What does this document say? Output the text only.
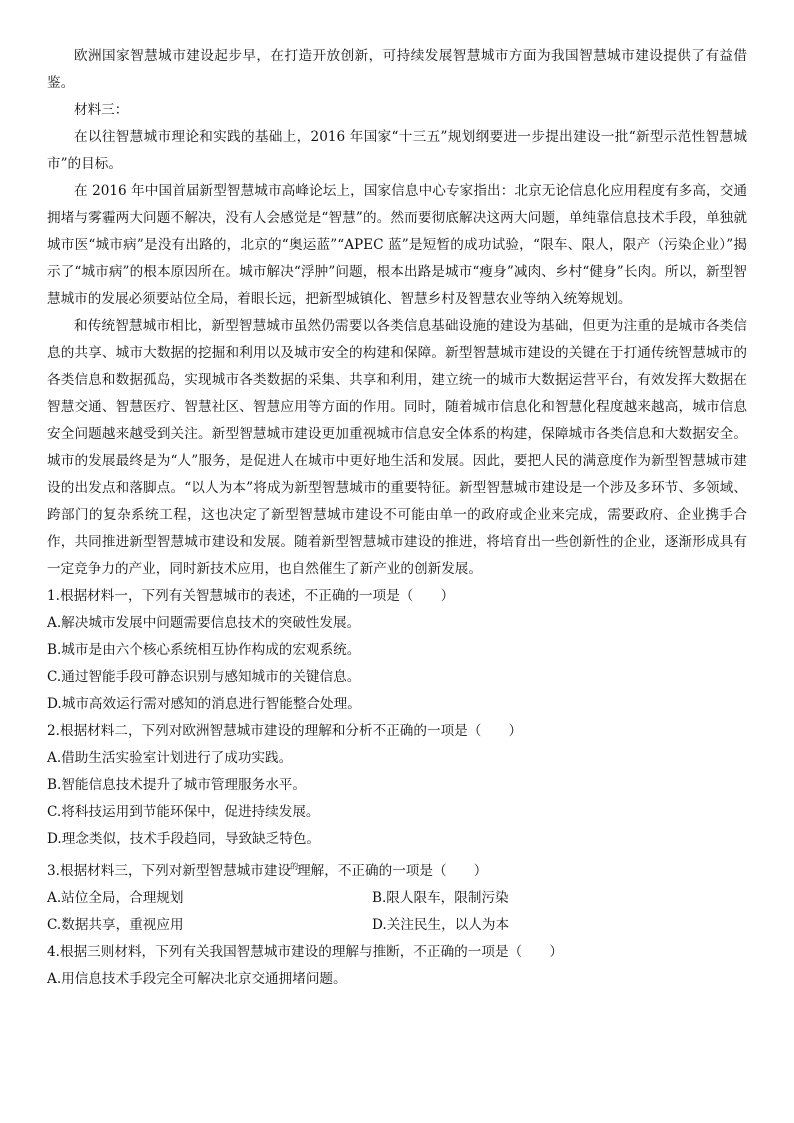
欧洲国家智慧城市建设起步早，在打造开放创新，可持续发展智慧城市方面为我国智慧城市建设提供了有益借鉴。

材料三：

在以往智慧城市理论和实践的基础上，2016 年国家“十三五”规划纲要进一步提出建设一批“新型示范性智慧城市”的目标。

在 2016 年中国首届新型智慧城市高峰论坛上，国家信息中心专家指出：北京无论信息化应用程度有多高，交通拥堵与雾霾两大问题不解决，没有人会感觉是“智慧”的。然而要彻底解决这两大问题，单纯靠信息技术手段，单独就城市医“城市病”是没有出路的，北京的“奥运蓝”“APEC 蓝”是短暂的成功试验，“限车、限人，限产（污染企业）”揭示了“城市病”的根本原因所在。城市解决“浮肿”问题，根本出路是城市“瘦身”减肉、乡村“健身”长肉。所以，新型智慧城市的发展必须要站位全局，着眼长远，把新型城镇化、智慧乡村及智慧农业等纳入统筹规划。

和传统智慧城市相比，新型智慧城市虽然仍需要以各类信息基础设施的建设为基础，但更为注重的是城市各类信息的共享、城市大数据的挖掘和利用以及城市安全的构建和保障。新型智慧城市建设的关键在于打通传统智慧城市的各类信息和数据孤岛，实现城市各类数据的采集、共享和利用，建立统一的城市大数据运营平台，有效发挥大数据在智慧交通、智慧医疗、智慧社区、智慧应用等方面的作用。同时，随着城市信息化和智慧化程度越来越高，城市信息安全问题越来越受到关注。新型智慧城市建设更加重视城市信息安全体系的构建，保障城市各类信息和大数据安全。城市的发展最终是为“人”服务，是促进人在城市中更好地生活和发展。因此，要把人民的满意度作为新型智慧城市建设的出发点和落脚点。“以人为本”将成为新型智慧城市的重要特征。新型智慧城市建设是一个涉及多环节、多领域、跨部门的复杂系统工程，这也决定了新型智慧城市建设不可能由单一的政府或企业来完成，需要政府、企业携手合作，共同推进新型智慧城市建设和发展。随着新型智慧城市建设的推进，将培育出一些创新性的企业，逐渐形成具有一定竞争力的产业，同时新技术应用，也自然催生了新产业的创新发展。

1.根据材料一，下列有关智慧城市的表述，不正确的一项是（　　）

A.解决城市发展中问题需要信息技术的突破性发展。

B.城市是由六个核心系统相互协作构成的宏观系统。

C.通过智能手段可静态识别与感知城市的关键信息。

D.城市高效运行需对感知的消息进行智能整合处理。

2.根据材料二，下列对欧洲智慧城市建设的理解和分析不正确的一项是（　　）

A.借助生活实验室计划进行了成功实践。

B.智能信息技术提升了城市管理服务水平。

C.将科技运用到节能环保中，促进持续发展。

D.理念类似，技术手段趋同，导致缺乏特色。

3.根据材料三，下列对新型智慧城市建设$^的$理解，不正确的一项是（　　）

A.站位全局，合理规划	B.限人限车，限制污染
C.数据共享，重视应用	D.关注民生，以人为本

4.根据三则材料，下列有关我国智慧城市建设的理解与推断，不正确的一项是（　　）

A.用信息技术手段完全可解决北京交通拥堵问题。
